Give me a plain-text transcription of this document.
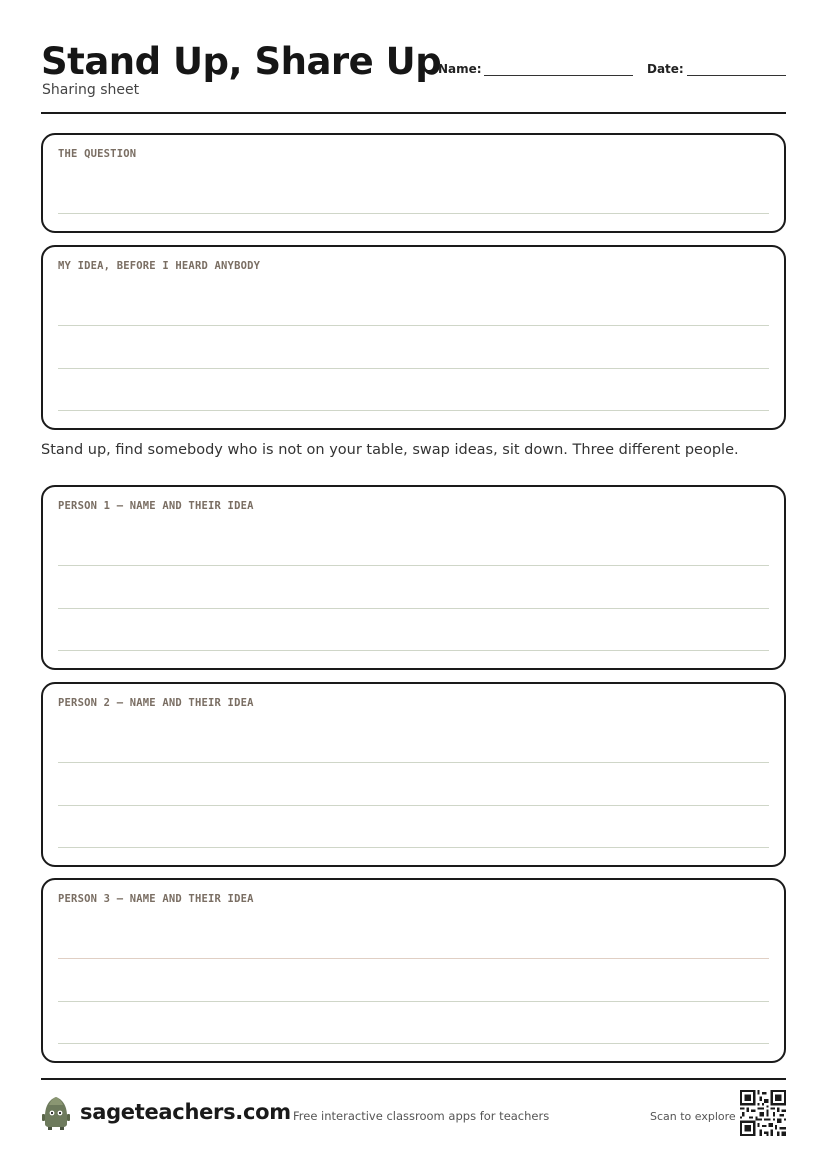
Stand Up, Share Up
Sharing sheet
Name:	Date:
THE QUESTION
MY IDEA, BEFORE I HEARD ANYBODY
Stand up, find somebody who is not on your table, swap ideas, sit down. Three different people.
PERSON 1 — NAME AND THEIR IDEA
PERSON 2 — NAME AND THEIR IDEA
PERSON 3 — NAME AND THEIR IDEA
sageteachers.com Free interactive classroom apps for teachers	Scan to explore
